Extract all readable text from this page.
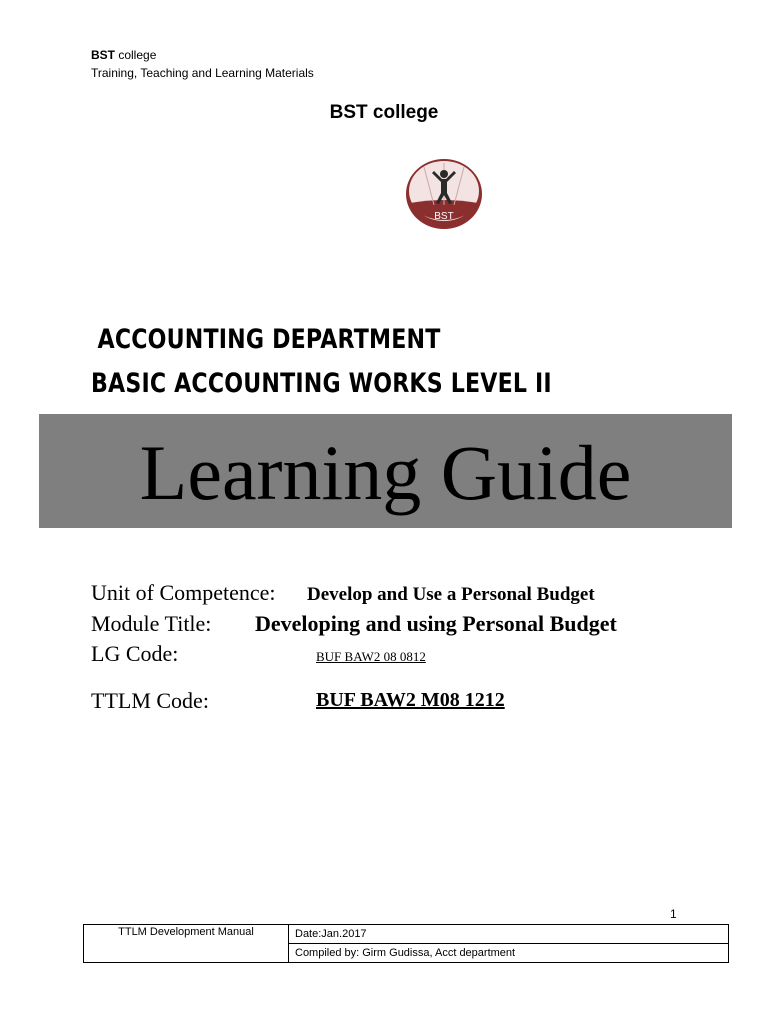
BST college
Training, Teaching and Learning Materials
BST college
BST
ACCOUNTING DEPARTMENT
BASIC ACCOUNTING WORKS LEVEL II
Learning Guide
Unit of Competence: Develop and Use a Personal Budget
Module Title: Developing and using Personal Budget
LG Code:	BUF BAW2 08 0812
TTLM Code:	BUF BAW2 M08 1212
1
TTLM Development Manual	Date:Jan.2017
Compiled by: Girm Gudissa, Acct department
